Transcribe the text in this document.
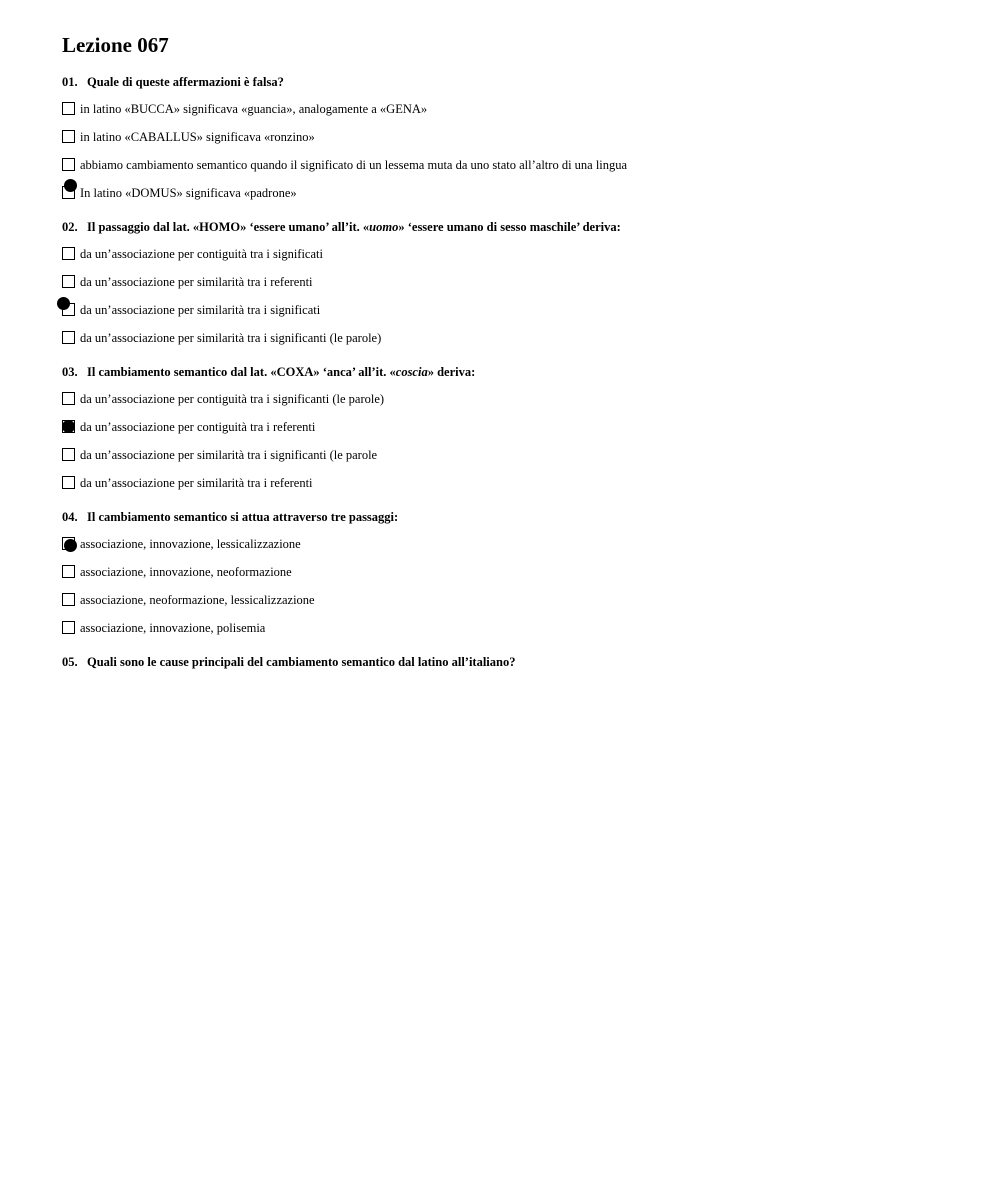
Lezione 067
01. Quale di queste affermazioni è falsa?
in latino «BUCCA» significava «guancia», analogamente a «GENA»
in latino «CABALLUS» significava «ronzino»
abbiamo cambiamento semantico quando il significato di un lessema muta da uno stato all’altro di una lingua
In latino «DOMUS» significava «padrone»
02. Il passaggio dal lat. «HOMO» ‘essere umano’ all’it. «uomo» ‘essere umano di sesso maschile’ deriva:
da un’associazione per contiguità tra i significati
da un’associazione per similarità tra i referenti
da un’associazione per similarità tra i significati
da un’associazione per similarità tra i significanti (le parole)
03. Il cambiamento semantico dal lat. «COXA» ‘anca’ all’it. «coscia» deriva:
da un’associazione per contiguità tra i significanti (le parole)
da un’associazione per contiguità tra i referenti
da un’associazione per similarità tra i significanti (le parole
da un’associazione per similarità tra i referenti
04. Il cambiamento semantico si attua attraverso tre passaggi:
associazione, innovazione, lessicalizzazione
associazione, innovazione, neoformazione
associazione, neoformazione, lessicalizzazione
associazione, innovazione, polisemia
05. Quali sono le cause principali del cambiamento semantico dal latino all’italiano?
